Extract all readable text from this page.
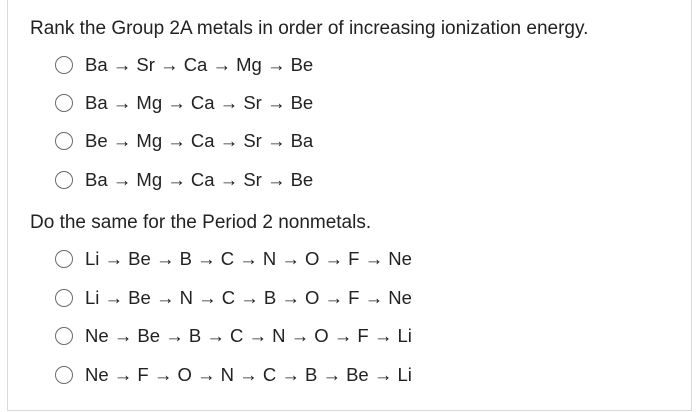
Rank the Group 2A metals in order of increasing ionization energy.
Ba → Sr → Ca → Mg → Be
Ba → Mg → Ca → Sr → Be
Be → Mg → Ca → Sr → Ba
Ba → Mg → Ca → Sr → Be
Do the same for the Period 2 nonmetals.
Li → Be → B → C → N → O → F → Ne
Li → Be → N → C → B → O → F → Ne
Ne → Be → B → C → N → O → F → Li
Ne → F → O → N → C → B → Be → Li
